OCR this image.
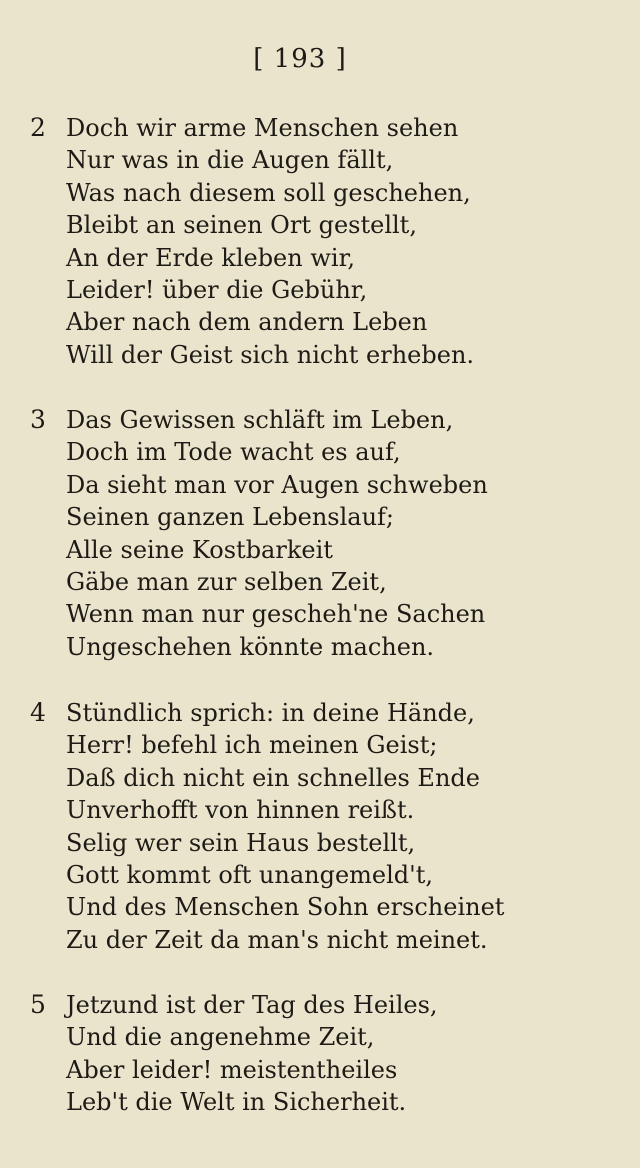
[ 193 ]
2 Doch wir arme Menschen sehen
Nur was in die Augen fällt,
Was nach diesem soll geschehen,
Bleibt an seinen Ort gestellt,
An der Erde kleben wir,
Leider! über die Gebühr,
Aber nach dem andern Leben
Will der Geist sich nicht erheben.
3 Das Gewissen schläft im Leben,
Doch im Tode wacht es auf,
Da sieht man vor Augen schweben
Seinen ganzen Lebenslauf;
Alle seine Kostbarkeit
Gäbe man zur selben Zeit,
Wenn man nur gescheh'ne Sachen
Ungeschehen könnte machen.
4 Stündlich sprich: in deine Hände,
Herr! befehl ich meinen Geist;
Daß dich nicht ein schnelles Ende
Unverhofft von hinnen reißt.
Selig wer sein Haus bestellt,
Gott kommt oft unangemeld't,
Und des Menschen Sohn erscheinet
Zu der Zeit da man's nicht meinet.
5 Jetzund ist der Tag des Heiles,
Und die angenehme Zeit,
Aber leider! meistentheiles
Leb't die Welt in Sicherheit.
